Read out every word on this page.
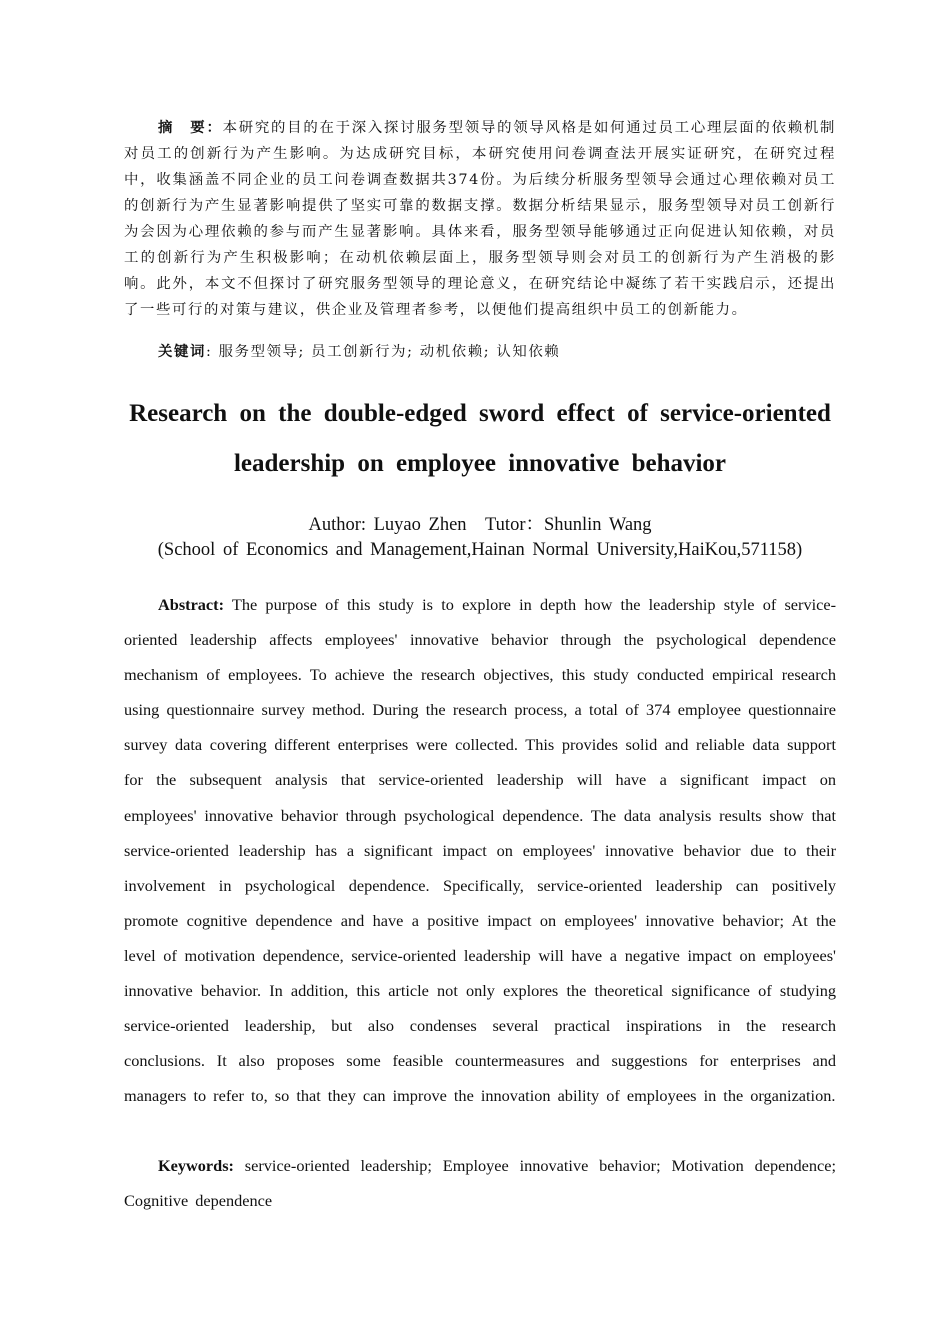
摘　要：本研究的目的在于深入探讨服务型领导的领导风格是如何通过员工心理层面的依赖机制对员工的创新行为产生影响。为达成研究目标，本研究使用问卷调查法开展实证研究，在研究过程中，收集涵盖不同企业的员工问卷调查数据共374份。为后续分析服务型领导会通过心理依赖对员工的创新行为产生显著影响提供了坚实可靠的数据支撑。数据分析结果显示，服务型领导对员工创新行为会因为心理依赖的参与而产生显著影响。具体来看，服务型领导能够通过正向促进认知依赖，对员工的创新行为产生积极影响；在动机依赖层面上，服务型领导则会对员工的创新行为产生消极的影响。此外，本文不但探讨了研究服务型领导的理论意义，在研究结论中凝练了若干实践启示，还提出了一些可行的对策与建议，供企业及管理者参考，以便他们提高组织中员工的创新能力。

关键词: 服务型领导; 员工创新行为; 动机依赖; 认知依赖

Research on the double-edged sword effect of service-oriented leadership on employee innovative behavior

Author: Luyao Zhen　Tutor：Shunlin Wang

(School of Economics and Management,Hainan Normal University,HaiKou,571158)

Abstract: The purpose of this study is to explore in depth how the leadership style of service-oriented leadership affects employees' innovative behavior through the psychological dependence mechanism of employees. To achieve the research objectives, this study conducted empirical research using questionnaire survey method. During the research process, a total of 374 employee questionnaire survey data covering different enterprises were collected. This provides solid and reliable data support for the subsequent analysis that service-oriented leadership will have a significant impact on employees' innovative behavior through psychological dependence. The data analysis results show that service-oriented leadership has a significant impact on employees' innovative behavior due to their involvement in psychological dependence. Specifically, service-oriented leadership can positively promote cognitive dependence and have a positive impact on employees' innovative behavior; At the level of motivation dependence, service-oriented leadership will have a negative impact on employees' innovative behavior. In addition, this article not only explores the theoretical significance of studying service-oriented leadership, but also condenses several practical inspirations in the research conclusions. It also proposes some feasible countermeasures and suggestions for enterprises and managers to refer to, so that they can improve the innovation ability of employees in the organization.

Keywords: service-oriented leadership; Employee innovative behavior; Motivation dependence; Cognitive dependence
